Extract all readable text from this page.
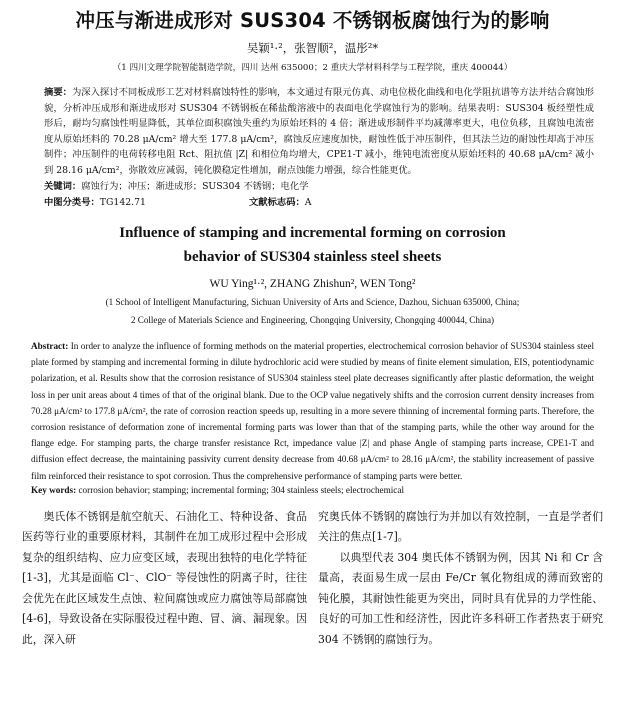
冲压与渐进成形对 SUS304 不锈钢板腐蚀行为的影响
吴颖¹·²，张智顺²，温彤²*
（1 四川文理学院智能制造学院，四川 达州 635000；2 重庆大学材料科学与工程学院，重庆 400044）
摘要：为深入探讨不同板成形工艺对材料腐蚀特性的影响，本文通过有限元仿真、动电位极化曲线和电化学阻抗谱等方法并结合腐蚀形貌，分析冲压成形和渐进成形对 SUS304 不锈钢板在稀盐酸溶液中的表面电化学腐蚀行为的影响。结果表明：SUS304 板经塑性成形后，耐均匀腐蚀性明显降低，其单位面积腐蚀失重约为原始坯料的 4 倍；渐进成形制件平均减薄率更大，电位负移，且腐蚀电流密度从原始坯料的 70.28 μA/cm² 增大至 177.8 μA/cm²，腐蚀反应速度加快，耐蚀性低于冲压制件，但其法兰边的耐蚀性却高于冲压制件；冲压制件的电荷转移电阻 Rct、阻抗值 |Z| 和相位角均增大，CPE1-T 减小，维钝电流密度从原始坯料的 40.68 μA/cm² 减小到 28.16 μA/cm²，弥散效应减弱，钝化膜稳定性增加，耐点蚀能力增强，综合性能更优。
关键词：腐蚀行为；冲压；渐进成形；SUS304 不锈钢；电化学
中图分类号：TG142.71	文献标志码：A
Influence of stamping and incremental forming on corrosion
behavior of SUS304 stainless steel sheets
WU Ying¹·², ZHANG Zhishun², WEN Tong²
(1 School of Intelligent Manufacturing, Sichuan University of Arts and Science, Dazhou, Sichuan 635000, China;
2 College of Materials Science and Engineering, Chongqing University, Chongqing 400044, China)
Abstract: In order to analyze the influence of forming methods on the material properties, electrochemical corrosion behavior of SUS304 stainless steel plate formed by stamping and incremental forming in dilute hydrochloric acid were studied by means of finite element simulation, EIS, potentiodynamic polarization, et al. Results show that the corrosion resistance of SUS304 stainless steel plate decreases significantly after plastic deformation, the weight loss in per unit areas about 4 times of that of the original blank. Due to the OCP value negatively shifts and the corrosion current density increases from 70.28 μA/cm² to 177.8 μA/cm², the rate of corrosion reaction speeds up, resulting in a more severe thinning of incremental forming parts. Therefore, the corrosion resistance of deformation zone of incremental forming parts was lower than that of the stamping parts, while the other way around for the flange edge. For stamping parts, the charge transfer resistance Rct, impedance value |Z| and phase Angle of stamping parts increase, CPE1-T and diffusion effect decrease, the maintaining passivity current density decrease from 40.68 μA/cm² to 28.16 μA/cm², the stability increasement of passive film reinforced their resistance to spot corrosion. Thus the comprehensive performance of stamping parts were better.
Key words: corrosion behavior; stamping; incremental forming; 304 stainless steels; electrochemical

奥氏体不锈钢是航空航天、石油化工、特种设备、食品医药等行业的重要原材料，其制件在加工成形过程中会形成复杂的组织结构、应力应变区域，表现出独特的电化学特征[1-3]，尤其是面临 Cl⁻、ClO⁻ 等侵蚀性的阴离子时，往往会优先在此区域发生点蚀、粒间腐蚀或应力腐蚀等局部腐蚀[4-6]，导致设备在实际服役过程中跑、冒、滴、漏现象。因此，深入研

究奥氏体不锈钢的腐蚀行为并加以有效控制，一直是学者们关注的焦点[1-7]。

以典型代表 304 奥氏体不锈钢为例，因其 Ni 和 Cr 含量高，表面易生成一层由 Fe/Cr 氧化物组成的薄而致密的钝化膜，其耐蚀性能更为突出，同时具有优异的力学性能、良好的可加工性和经济性，因此许多科研工作者热衷于研究 304 不锈钢的腐蚀行为。
